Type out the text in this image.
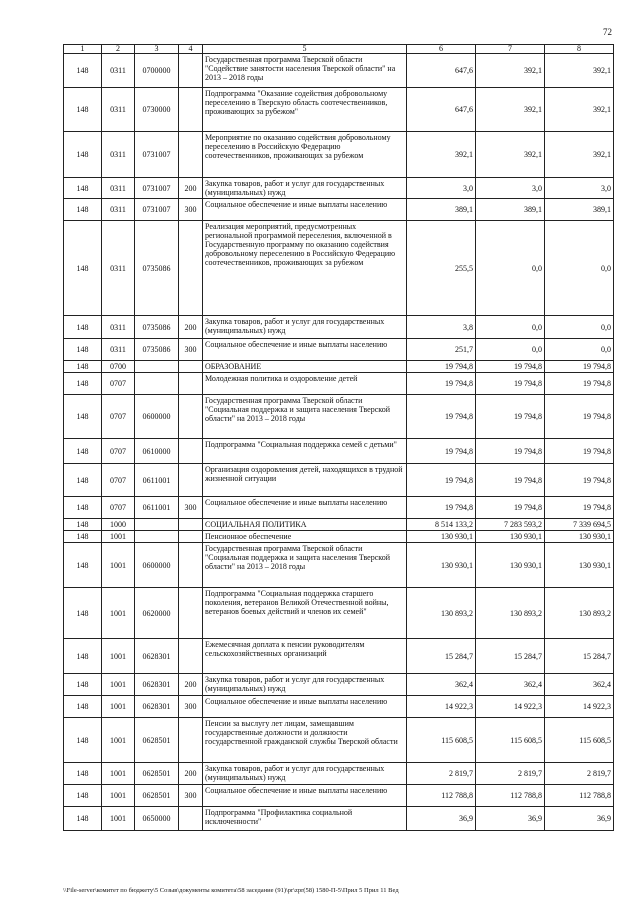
72
1	2	3	4	5	6	7	8
148	0311	0700000		Государственная программа Тверской области "Содействие занятости населения Тверской области" на 2013 – 2018 годы	647,6	392,1	392,1
148	0311	0730000		Подпрограмма "Оказание содействия добровольному переселению в Тверскую область соотечественников, проживающих за рубежом"	647,6	392,1	392,1
148	0311	0731007		Мероприятие по оказанию содействия добровольному переселению в Российскую Федерацию соотечественников, проживающих за рубежом	392,1	392,1	392,1
148	0311	0731007	200	Закупка товаров, работ и услуг для государственных (муниципальных) нужд	3,0	3,0	3,0
148	0311	0731007	300	Социальное обеспечение и иные выплаты населению	389,1	389,1	389,1
148	0311	0735086		Реализация мероприятий, предусмотренных региональной программой переселения, включенной в Государственную программу по оказанию содействия добровольному переселению в Российскую Федерацию соотечественников, проживающих за рубежом	255,5	0,0	0,0
148	0311	0735086	200	Закупка товаров, работ и услуг для государственных (муниципальных) нужд	3,8	0,0	0,0
148	0311	0735086	300	Социальное обеспечение и иные выплаты населению	251,7	0,0	0,0
148	0700			ОБРАЗОВАНИЕ	19 794,8	19 794,8	19 794,8
148	0707			Молодежная политика и оздоровление детей	19 794,8	19 794,8	19 794,8
148	0707	0600000		Государственная программа Тверской области "Социальная поддержка и защита населения Тверской области" на 2013 – 2018 годы	19 794,8	19 794,8	19 794,8
148	0707	0610000		Подпрограмма "Социальная поддержка семей с детьми"	19 794,8	19 794,8	19 794,8
148	0707	0611001		Организация оздоровления детей, находящихся в трудной жизненной ситуации	19 794,8	19 794,8	19 794,8
148	0707	0611001	300	Социальное обеспечение и иные выплаты населению	19 794,8	19 794,8	19 794,8
148	1000			СОЦИАЛЬНАЯ ПОЛИТИКА	8 514 133,2	7 283 593,2	7 339 694,5
148	1001			Пенсионное обеспечение	130 930,1	130 930,1	130 930,1
148	1001	0600000		Государственная программа Тверской области "Социальная поддержка и защита населения Тверской области" на 2013 – 2018 годы	130 930,1	130 930,1	130 930,1
148	1001	0620000		Подпрограмма "Социальная поддержка старшего поколения, ветеранов Великой Отечественной войны, ветеранов боевых действий и членов их семей"	130 893,2	130 893,2	130 893,2
148	1001	0628301		Ежемесячная доплата к пенсии руководителям сельскохозяйственных организаций	15 284,7	15 284,7	15 284,7
148	1001	0628301	200	Закупка товаров, работ и услуг для государственных (муниципальных) нужд	362,4	362,4	362,4
148	1001	0628301	300	Социальное обеспечение и иные выплаты населению	14 922,3	14 922,3	14 922,3
148	1001	0628501		Пенсии за выслугу лет лицам, замещавшим государственные должности и должности государственной гражданской службы Тверской области	115 608,5	115 608,5	115 608,5
148	1001	0628501	200	Закупка товаров, работ и услуг для государственных (муниципальных) нужд	2 819,7	2 819,7	2 819,7
148	1001	0628501	300	Социальное обеспечение и иные выплаты населению	112 788,8	112 788,8	112 788,8
148	1001	0650000		Подпрограмма "Профилактика социальной исключенности"	36,9	36,9	36,9
\\File-server\комитет по бюджету\5 Созыв\документы комитета\58 заседание (91)\pr\zpr(58) 1580-П-5\Прил 5 Прил 11 Вед
